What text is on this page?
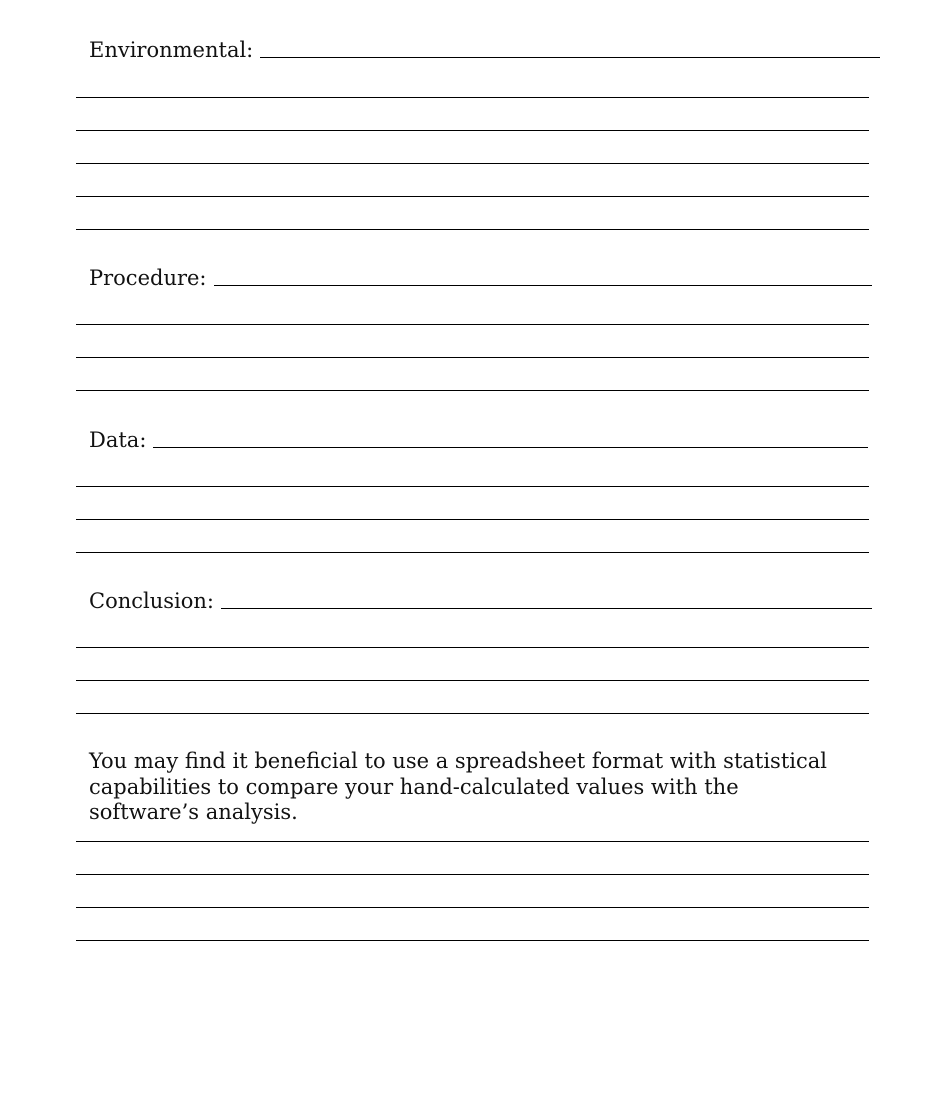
Environmental:
Procedure:
Data:
Conclusion:
You may find it beneficial to use a spreadsheet format with statistical capabilities to compare your hand-calculated values with the software’s analysis.
